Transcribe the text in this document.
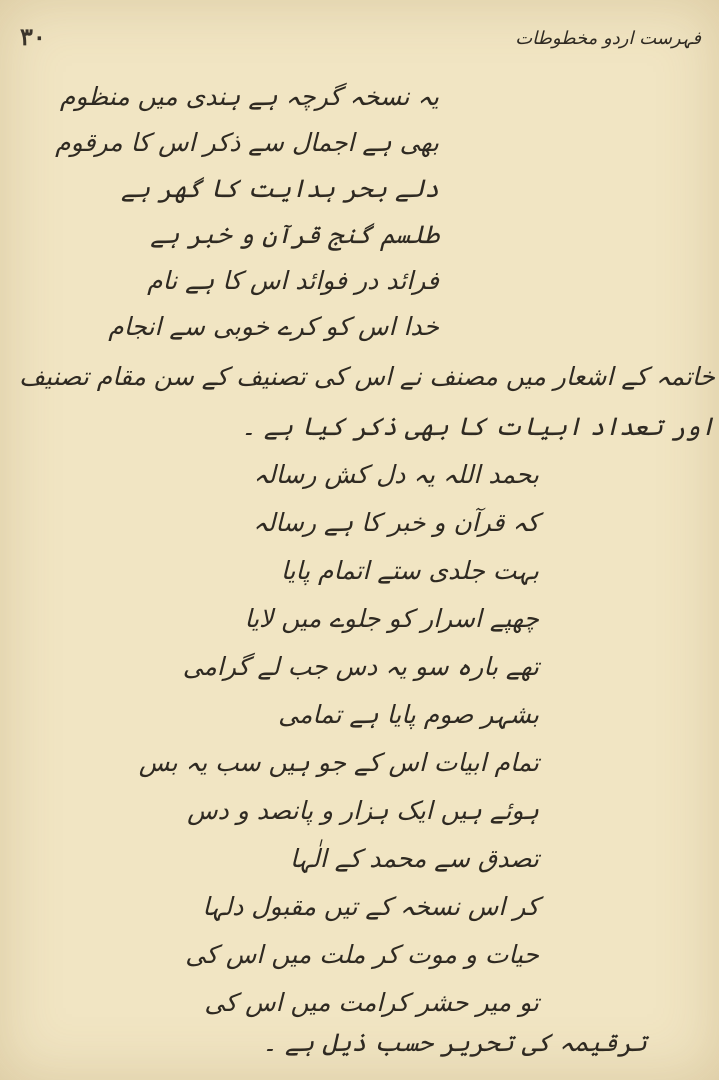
۳۰	فہرست اردو مخطوطات
یہ نسخہ گرچہ ہے ہندی میں منظوم
بھی ہے اجمال سے ذکر اس کا مرقوم
دلے بحر ہدایت کا گھر ہے
طلسم گنج قرآن و خبر ہے
فرائد در فوائد اس کا ہے نام
خدا اس کو کرے خوبی سے انجام
خاتمہ کے اشعار میں مصنف نے اس کی تصنیف کے سن مقام تصنیف
اور تعداد ابیات کا بھی ذکر کیا ہے ۔
بحمد اللہ یہ دل کش رسالہ
کہ قرآن و خبر کا ہے رسالہ
بہت جلدی ستے اتمام پایا
چھپے اسرار کو جلوے میں لایا
تھے بارہ سو یہ دس جب لے گرامی
بشہر صوم پایا ہے تمامی
تمام ابیات اس کے جو ہیں سب یہ بس
ہوئے ہیں ایک ہزار و پانصد و دس
تصدق سے محمد کے الٰہا
کر اس نسخہ کے تیں مقبول دلہا
حیات و موت کر ملت میں اس کی
تو میر حشر کرامت میں اس کی
ترقیمہ کی تحریر حسب ذیل ہے ۔
